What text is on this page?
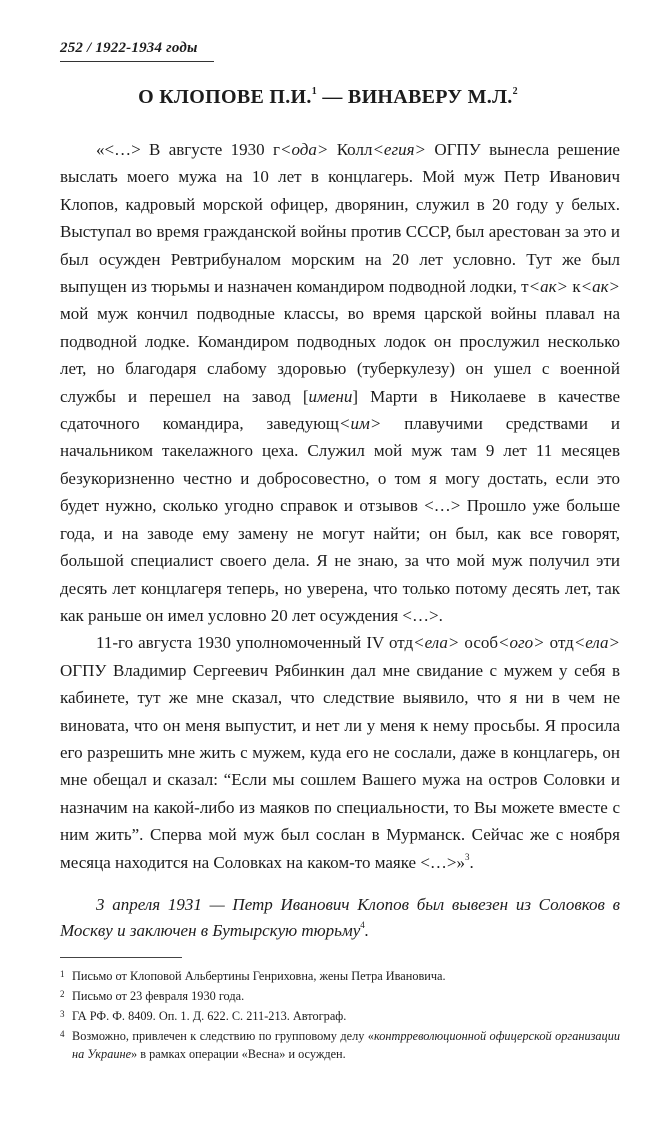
252 / 1922-1934 годы
О КЛОПОВЕ П.И.$^1$ — ВИНАВЕРУ М.Л.$^2$

«<…> В августе 1930 г<ода> Колл<егия> ОГПУ вынесла решение выслать моего мужа на 10 лет в концлагерь. Мой муж Петр Иванович Клопов, кадровый морской офицер, дворянин, служил в 20 году у белых. Выступал во время гражданской войны против СССР, был арестован за это и был осужден Ревтрибуналом морским на 20 лет условно. Тут же был выпущен из тюрьмы и назначен командиром подводной лодки, т<ак> к<ак> мой муж кончил подводные классы, во время царской войны плавал на подводной лодке. Командиром подводных лодок он прослужил несколько лет, но благодаря слабому здоровью (туберкулезу) он ушел с военной службы и перешел на завод [имени] Марти в Николаеве в качестве сдаточного командира, заведующ<им> плавучими средствами и начальником такелажного цеха. Служил мой муж там 9 лет 11 месяцев безукоризненно честно и добросовестно, о том я могу достать, если это будет нужно, сколько угодно справок и отзывов <…> Прошло уже больше года, и на заводе ему замену не могут найти; он был, как все говорят, большой специалист своего дела. Я не знаю, за что мой муж получил эти десять лет концлагеря теперь, но уверена, что только потому десять лет, так как раньше он имел условно 20 лет осуждения <…>.

11-го августа 1930 уполномоченный IV отд<ела> особ<ого> отд<ела> ОГПУ Владимир Сергеевич Рябинкин дал мне свидание с мужем у себя в кабинете, тут же мне сказал, что следствие выявило, что я ни в чем не виновата, что он меня выпустит, и нет ли у меня к нему просьбы. Я просила его разрешить мне жить с мужем, куда его не сослали, даже в концлагерь, он мне обещал и сказал: “Если мы сошлем Вашего мужа на остров Соловки и назначим на какой-либо из маяков по специальности, то Вы можете вместе с ним жить”. Сперва мой муж был сослан в Мурманск. Сейчас же с ноября месяца находится на Соловках на каком-то маяке <…>»$^3$.

3 апреля 1931 — Петр Иванович Клопов был вывезен из Соловков в Москву и заключен в Бутырскую тюрьму$^4$.

1 Письмо от Клоповой Альбертины Генриховна, жены Петра Ивановича.

2 Письмо от 23 февраля 1930 года.

3 ГА РФ. Ф. 8409. Оп. 1. Д. 622. С. 211-213. Автограф.

4 Возможно, привлечен к следствию по групповому делу «контрреволюционной офицерской организации на Украине» в рамках операции «Весна» и осужден.
